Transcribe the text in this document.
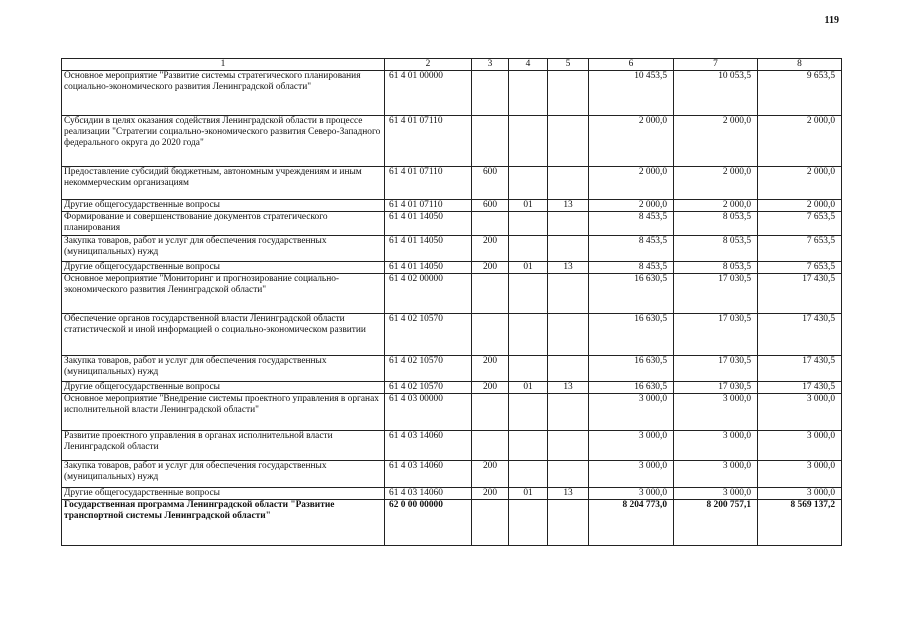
119
1	2	3	4	5	6	7	8
Основное мероприятие "Развитие системы стратегического планирования социально-экономического развития Ленинградской области"	61 4 01 00000				10 453,5	10 053,5	9 653,5
Субсидии в целях оказания содействия Ленинградской области в процессе реализации "Стратегии социально-экономического развития Северо-Западного федерального округа до 2020 года"	61 4 01 07110				2 000,0	2 000,0	2 000,0
Предоставление субсидий бюджетным, автономным учреждениям и иным некоммерческим организациям	61 4 01 07110	600			2 000,0	2 000,0	2 000,0
Другие общегосударственные вопросы	61 4 01 07110	600	01	13	2 000,0	2 000,0	2 000,0
Формирование и совершенствование документов стратегического планирования	61 4 01 14050				8 453,5	8 053,5	7 653,5
Закупка товаров, работ и услуг для обеспечения государственных (муниципальных) нужд	61 4 01 14050	200			8 453,5	8 053,5	7 653,5
Другие общегосударственные вопросы	61 4 01 14050	200	01	13	8 453,5	8 053,5	7 653,5
Основное мероприятие "Мониторинг и прогнозирование социально-экономического развития Ленинградской области"	61 4 02 00000				16 630,5	17 030,5	17 430,5
Обеспечение органов государственной власти Ленинградской области статистической и иной информацией о социально-экономическом развитии	61 4 02 10570				16 630,5	17 030,5	17 430,5
Закупка товаров, работ и услуг для обеспечения государственных (муниципальных) нужд	61 4 02 10570	200			16 630,5	17 030,5	17 430,5
Другие общегосударственные вопросы	61 4 02 10570	200	01	13	16 630,5	17 030,5	17 430,5
Основное мероприятие "Внедрение системы проектного управления в органах исполнительной власти Ленинградской области"	61 4 03 00000				3 000,0	3 000,0	3 000,0
Развитие проектного управления в органах исполнительной власти Ленинградской области	61 4 03 14060				3 000,0	3 000,0	3 000,0
Закупка товаров, работ и услуг для обеспечения государственных (муниципальных) нужд	61 4 03 14060	200			3 000,0	3 000,0	3 000,0
Другие общегосударственные вопросы	61 4 03 14060	200	01	13	3 000,0	3 000,0	3 000,0
Государственная программа Ленинградской области "Развитие транспортной системы Ленинградской области"	62 0 00 00000				8 204 773,0	8 200 757,1	8 569 137,2
